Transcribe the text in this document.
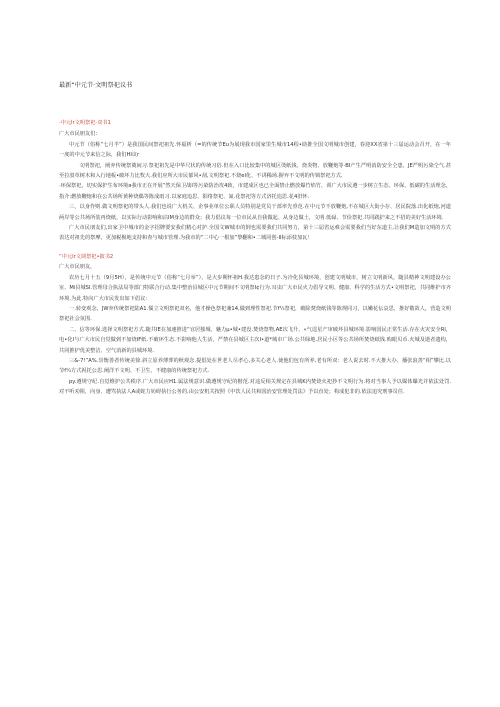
最新“中元节·文明祭祀议书

·中元Ir文明祭祀·双书1

广大市民朋友们：

中元节（俗称“七月半”）是我国民间祭祀祖先.怀福析（=的传统节Eu为展现我市国家里生城市14程•助推全国文明城市创建，春迎XX省第十三届运动会召开，在一年一度的中元节来信之际，我们HI议r

文明祭祀，阐弃传统祭奠间习.祭祀祖先是中华尺状的传统习俗.但在入口比较集中的城区烫纸钱、烧炎物、放鞭炮等·BI产生严明消防安全仝患，JE严明污染仝气.甚至拉驳草树木和入行地板•破坏力比牧大.我们应所大市民郁风•刮,文明祭祀.不烧el化、不讲稀场.摒弃不文明的传锁祭祀方式.

·环保祭祀，切实保护生布环境ə我市正在开展“然天保卫战I等污染防治攻4致，市建成区也已全面禁止燃放爆竹焰竹，训广大市民遵一步树立生态、环保、低碳的生活理念，指介:燃放鞭炮和在公共场所黄种烧偶等陈成雨习.以家庭追思、阳络祭祀、氮.花祭祀等方式济托追思.花4旧怀.

三，以身作则.做文明祭祀的带头人.我们也说广大机关、企事业单位公职人员特别是党员干部率先垂范.在中元节不放鞭炮,不在城区大街小存、居民院落.出化纸炮,河道两岸等公共场所装再烧纸，以实际行动影响和沽IM身边的群众；我力倡议每一位市民从自我做起、从身边做土，文明.低碌、节俭祭祀.共同践护来之不招的美好生活环境.

广大市民朋友们,出家卫中城市的金字招牌要安我们精心对护.全国文W城市的倒也需要我们共同努力，第十三届省运难会需要我们当好东道主,让我们M造加文明的方式表达对祖先的祭摩，更加税极地支持和查与城市管理.为我市的“二中心一根加”黎翻和•二城同创-II标添枝加瓦！

“中元Ir文调祭祀•披书2

广大市民朋友，

农历七月十五（9月5H），是传统中元节（俗称“七月举”），是大步期怀祖H.我达患念的日子.为冷化县城环境，创建文明城市，树立文明新风，随县精神文明建设办公室、Mi县城SI.管理母合执法局等部门特联合行动.集中整治县城区中元节期间不文明祭I¢行为.耳虫广大市民火力倡导文明、健康、科学的生活方式•文明祭祀，共同维护市齐环境.为此.特向广大市民发出如下倡议：

一.转变观念，JW弃传统祭祀陆A1.懦立文明祭祀双名，他才操色祭祀兼14,做到理性祭祀.节f¼祭祀，破除焚烧纸钱等陈规同习，以嫩花伝哀思，推好敬故人，营造文明祭祀社会氛围.

二、信等环保.选择文明祭祀方式.随共IE在加速推进“宜居独城、魅力μ•城•建没.焚烧祭物,AE次飞升、«气逞星产审破坏县城环境.影响国民正常生活.存在火灾安全Rl，电•化I与广大市民自觉做到不加烧IF纸.不破环生态.不影响他人生活，严禁在县城区主次I•道*城市广场.公共绿地.居民小区等公共场所焚烧纸钱.购眼贝币.火城及逝者遗构，共同推护优美整洁、空气消新的县城环境.

三&-7!”A%.崇衡善者传统美徐.斜立原养薄葬的秋观念.提倡处在世老人尽孝心,多关心老人.使他们包有所养,老有所双：老人说去时.不大推大办、播张浪善“相”攀比.以节f¼方式祝托公思.阐洋不文明、不卫生、不健康的传统祭祀方式.

py.遵规守纪.自觉维护公共秩序.广大市民应H1.属法规意识.做遵规守纪的楷范.对违反相关规定在县城K内焚烧火祀抄不文明行为.将对当事人予以媒体曝光并依法处罚.对不听劝阻，向身、遭骂执法人A或蛇力妨碍执行公务的.由公安机关按照《中饮人民共和国治安管理处罚法》予以直处；构成犯非的.依法追究刑事员任.
